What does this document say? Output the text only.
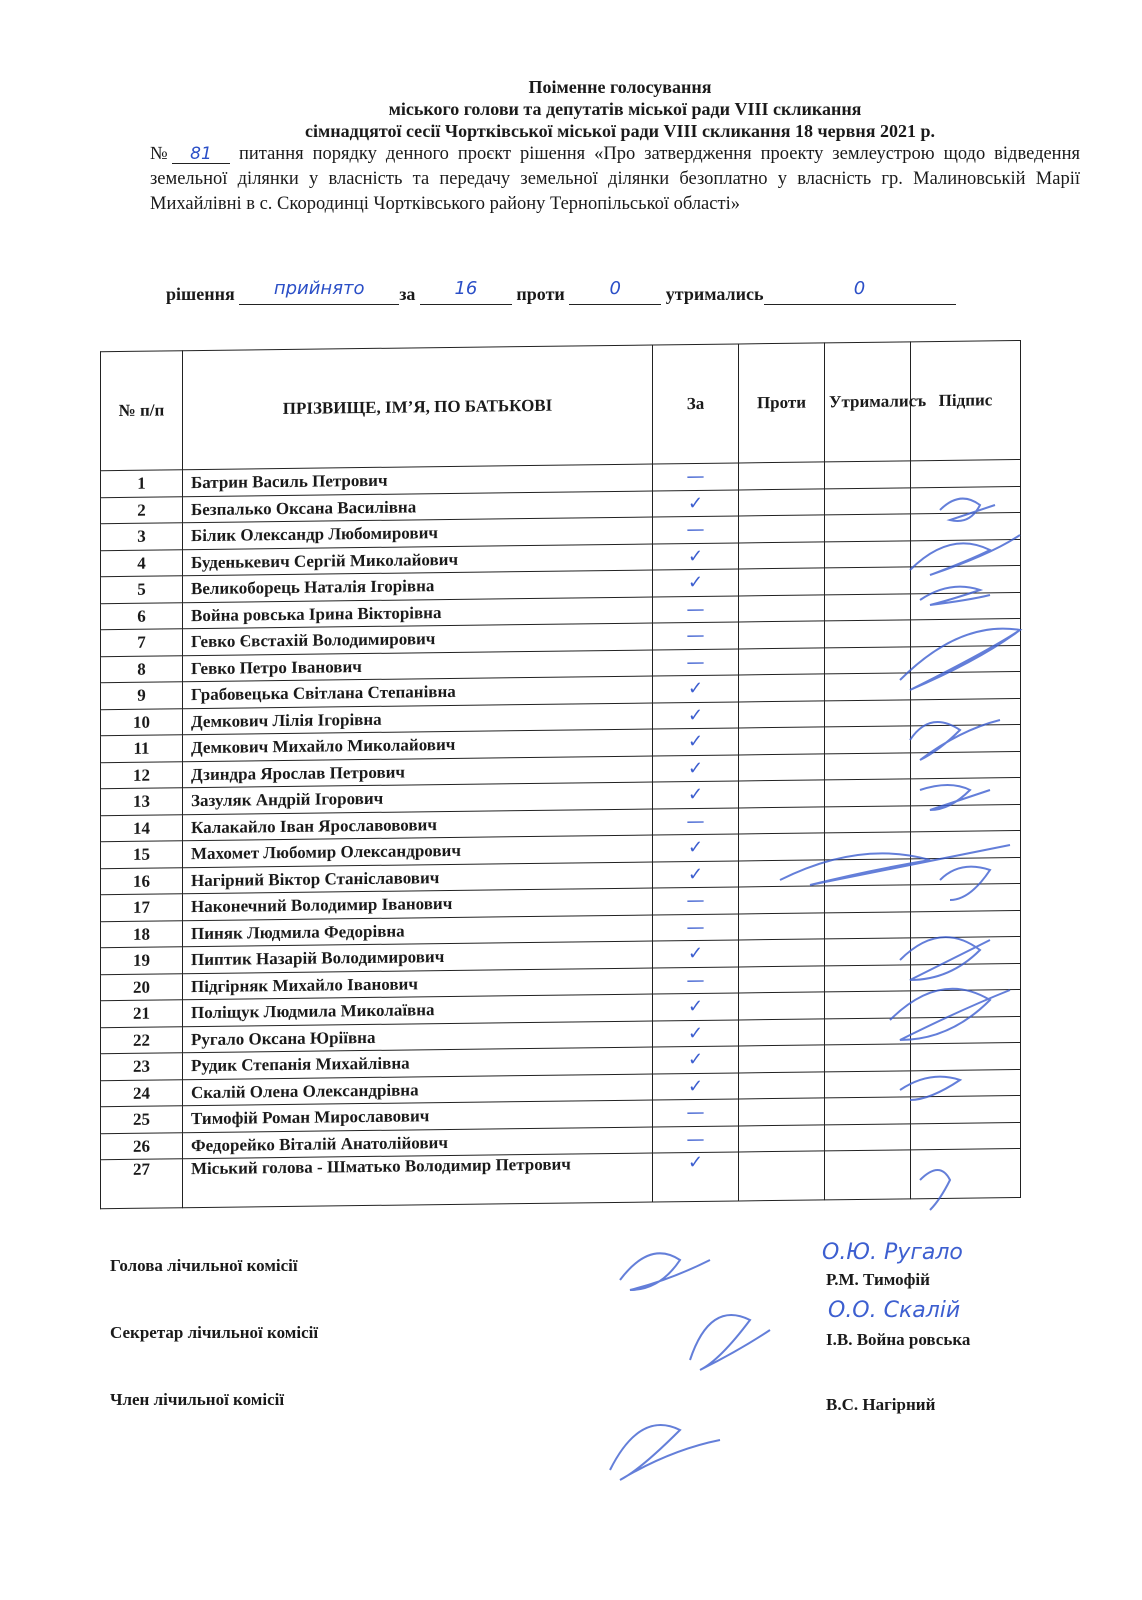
Поіменне голосування
міського голови та депутатів міської ради VIII скликання
сімнадцятої сесії Чортківської міської ради VIII скликання 18 червня 2021 р.
№ 81 питання порядку денного проєкт рішення «Про затвердження проекту землеустрою щодо відведення земельної ділянки у власність та передачу земельної ділянки безоплатно у власність гр. Малиновській Марії Михайлівні в с. Скородинці Чортківського району Тернопільської області»
рішення прийнято за 16 проти 0 утримались	0
№ п/п	ПРІЗВИЩЕ, ІМ’Я, ПО БАТЬКОВІ	За	Проти	Утрималисъ	Підпис
1	Батрин Василь Петрович	—			
2	Безпалько Оксана Василівна	✓			
3	Білик Олександр Любомирович	—			
4	Буденькевич Сергій Миколайович	✓			
5	Великоборець Наталія Ігорівна	✓			
6	Война ровська Ірина Вікторівна	—			
7	Гевко Євстахій Володимирович	—			
8	Гевко Петро Іванович	—			
9	Грабовецька Світлана Степанівна	✓			
10	Демкович Лілія Ігорівна	✓			
11	Демкович Михайло Миколайович	✓			
12	Дзиндра Ярослав Петрович	✓			
13	Зазуляк Андрій Ігорович	✓			
14	Калакайло Іван Ярославовович	—			
15	Махомет Любомир Олександрович	✓			
16	Нагірний Віктор Станіславович	✓			
17	Наконечний Володимир Іванович	—			
18	Пиняк Людмила Федорівна	—			
19	Пиптик Назарій Володимирович	✓			
20	Підгірняк Михайло Іванович	—			
21	Поліщук Людмила Миколаївна	✓			
22	Ругало Оксана Юріївна	✓			
23	Рудик Степанія Михайлівна	✓			
24	Скалій Олена Олександрівна	✓			
25	Тимофій Роман Мирославович	—			
26	Федорейко Віталій Анатолійович	—			
27	Міський голова - Шматько Володимир Петрович	✓			
Голова лічильної комісії
Секретар лічильної комісії
Член лічильної комісії
О.Ю. Ругало
Р.М. Тимофій
О.О. Скалій
І.В. Война ровська
В.С. Нагірний
